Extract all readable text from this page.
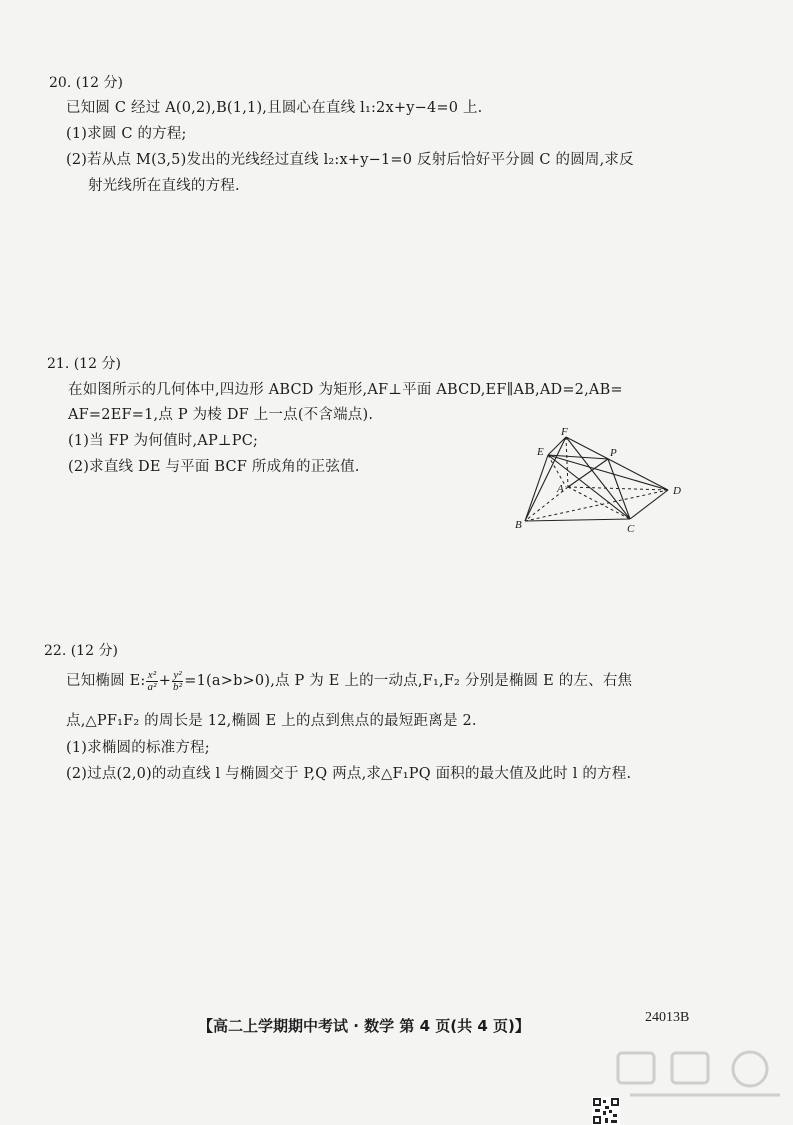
20. (12 分)
已知圆 C 经过 A(0,2),B(1,1),且圆心在直线 l₁:2x+y−4=0 上.
(1)求圆 C 的方程;
(2)若从点 M(3,5)发出的光线经过直线 l₂:x+y−1=0 反射后恰好平分圆 C 的圆周,求反
射光线所在直线的方程.
21. (12 分)
在如图所示的几何体中,四边形 ABCD 为矩形,AF⊥平面 ABCD,EF∥AB,AD=2,AB=
AF=2EF=1,点 P 为棱 DF 上一点(不含端点).
(1)当 FP 为何值时,AP⊥PC;
(2)求直线 DE 与平面 BCF 所成角的正弦值.
F
E	P
A	D
B	C
22. (12 分)
已知椭圆 E: $\frac{\text{x²}}{\text{a²}} + \frac{\text{y²}}{\text{b²}} =1(a>b>0)$,点 P 为 E 上的一动点,F₁,F₂ 分别是椭圆 E 的左、右焦
点,△PF₁F₂ 的周长是 12,椭圆 E 上的点到焦点的最短距离是 2.
(1)求椭圆的标准方程;
(2)过点(2,0)的动直线 l 与椭圆交于 P,Q 两点,求△F₁PQ 面积的最大值及此时 l 的方程.
【高二上学期期中考试 · 数学 第 4 页(共 4 页)】	24013B
